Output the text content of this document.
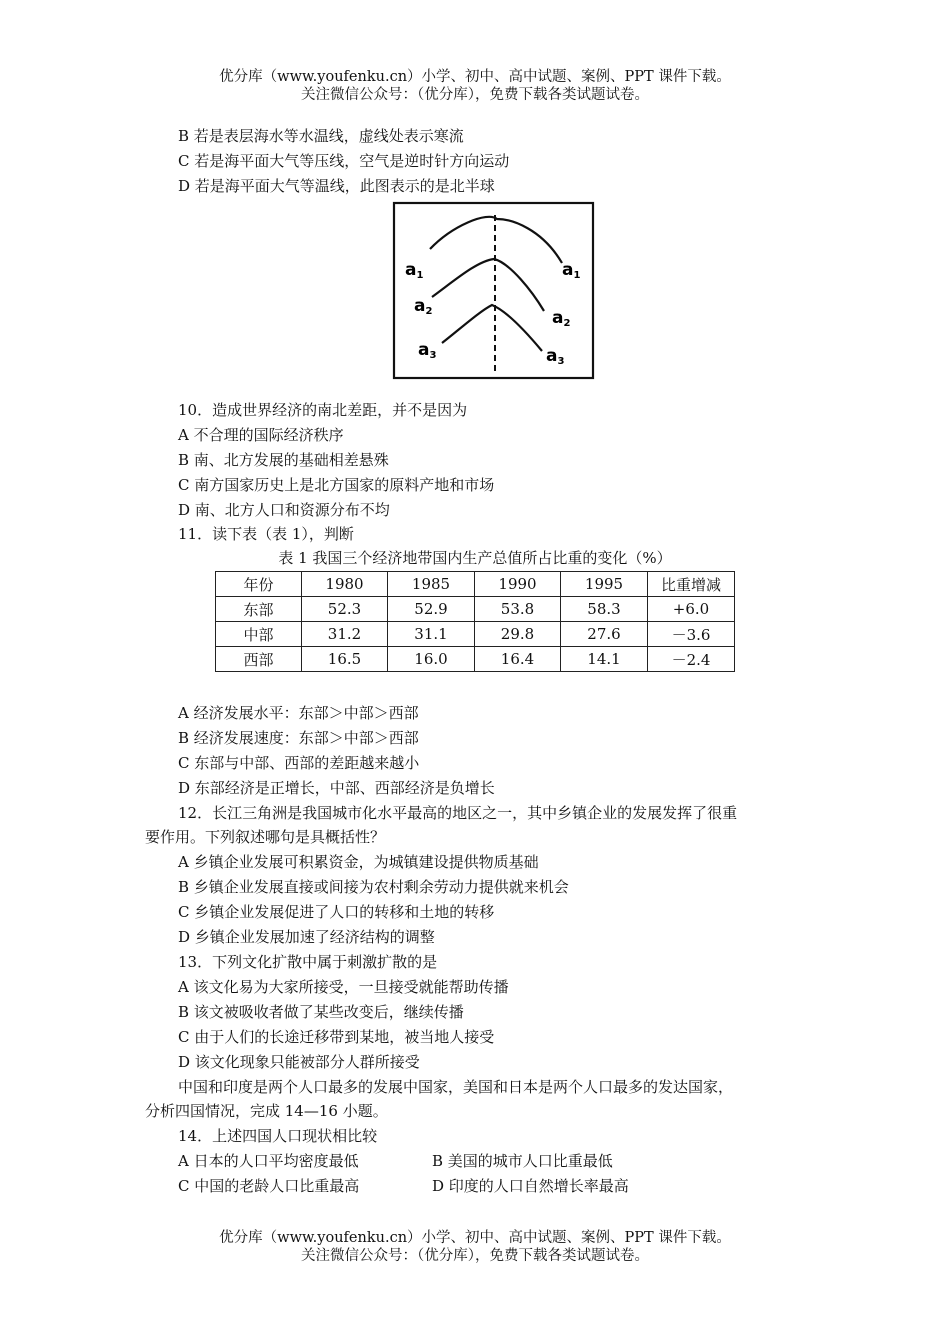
优分库（www.youfenku.cn）小学、初中、高中试题、案例、PPT 课件下载。
关注微信公众号：（优分库），免费下载各类试题试卷。
B 若是表层海水等水温线，虚线处表示寒流
C 若是海平面大气等压线，空气是逆时针方向运动
D 若是海平面大气等温线，此图表示的是北半球
a1	a1
a2	a2
a3	a3
10．造成世界经济的南北差距，并不是因为
A 不合理的国际经济秩序
B 南、北方发展的基础相差悬殊
C 南方国家历史上是北方国家的原料产地和市场
D 南、北方人口和资源分布不均
11．读下表（表 1），判断
表 1 我国三个经济地带国内生产总值所占比重的变化（%）
年份	1980	1985	1990	1995	比重增减
东部	52.3	52.9	53.8	58.3	+6.0
中部	31.2	31.1	29.8	27.6	－3.6
西部	16.5	16.0	16.4	14.1	－2.4
A 经济发展水平：东部＞中部＞西部
B 经济发展速度：东部＞中部＞西部
C 东部与中部、西部的差距越来越小
D 东部经济是正增长，中部、西部经济是负增长
12．长江三角洲是我国城市化水平最高的地区之一，其中乡镇企业的发展发挥了很重
要作用。下列叙述哪句是具概括性？
A 乡镇企业发展可积累资金，为城镇建设提供物质基础
B 乡镇企业发展直接或间接为农村剩余劳动力提供就来机会
C 乡镇企业发展促进了人口的转移和土地的转移
D 乡镇企业发展加速了经济结构的调整
13．下列文化扩散中属于刺激扩散的是
A 该文化易为大家所接受，一旦接受就能帮助传播
B 该文被吸收者做了某些改变后，继续传播
C 由于人们的长途迁移带到某地，被当地人接受
D 该文化现象只能被部分人群所接受
中国和印度是两个人口最多的发展中国家，美国和日本是两个人口最多的发达国家，
分析四国情况，完成 14—16 小题。
14．上述四国人口现状相比较
A 日本的人口平均密度最低	B 美国的城市人口比重最低
C 中国的老龄人口比重最高	D 印度的人口自然增长率最高
优分库（www.youfenku.cn）小学、初中、高中试题、案例、PPT 课件下载。
关注微信公众号：（优分库），免费下载各类试题试卷。
